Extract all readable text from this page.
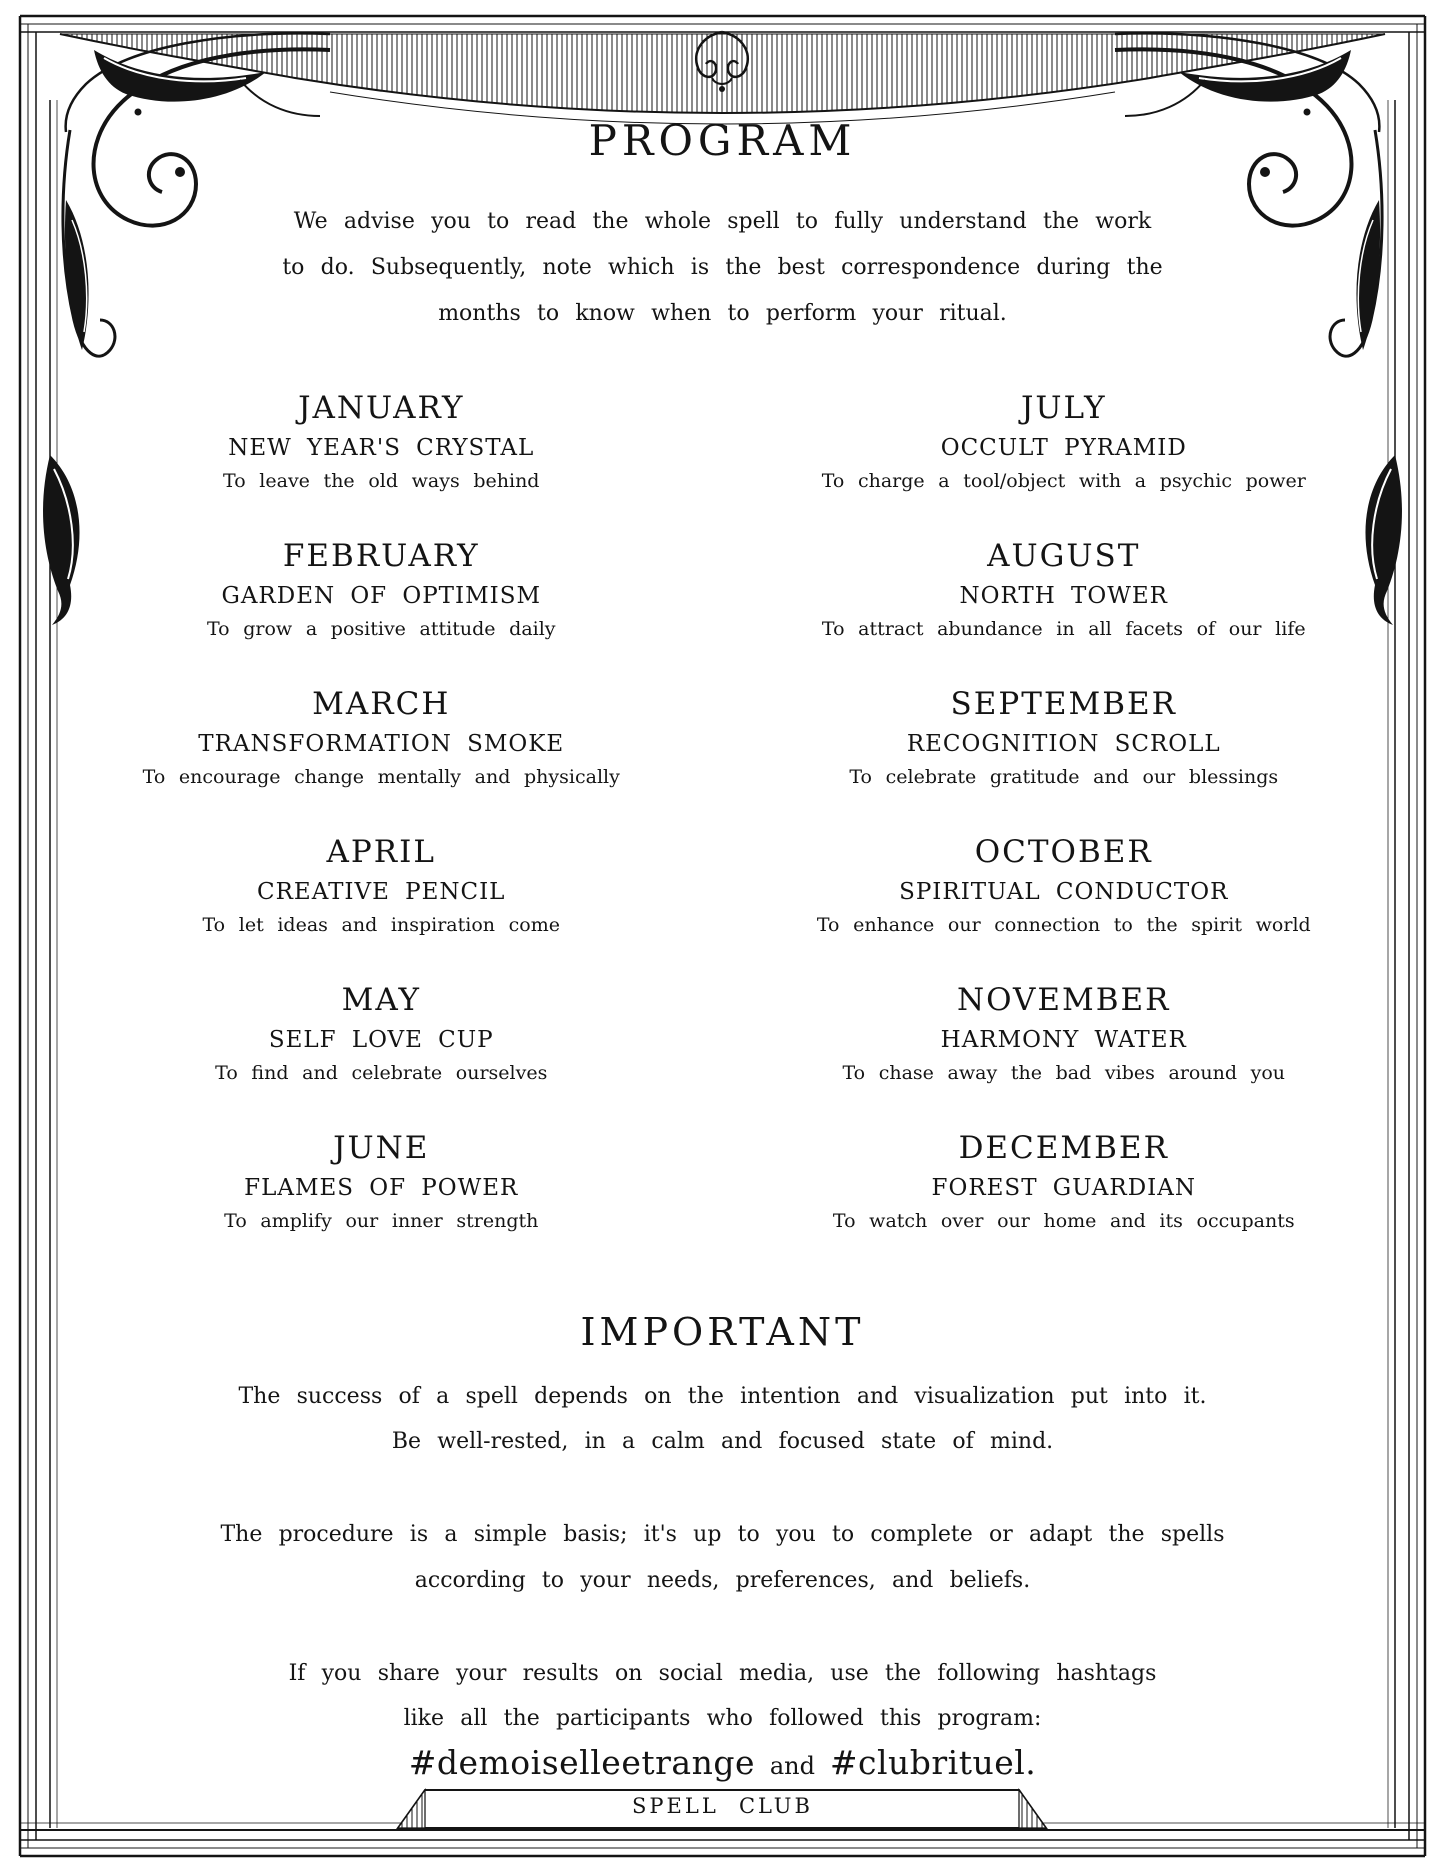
PROGRAM

We advise you to read the whole spell to fully understand the work
to do. Subsequently, note which is the best correspondence during the
months to know when to perform your ritual.

JANUARY
NEW YEAR'S CRYSTAL
To leave the old ways behind
JULY
OCCULT PYRAMID
To charge a tool/object with a psychic power
FEBRUARY
GARDEN OF OPTIMISM
To grow a positive attitude daily
AUGUST
NORTH TOWER
To attract abundance in all facets of our life
MARCH
TRANSFORMATION SMOKE
To encourage change mentally and physically
SEPTEMBER
RECOGNITION SCROLL
To celebrate gratitude and our blessings
APRIL
CREATIVE PENCIL
To let ideas and inspiration come
OCTOBER
SPIRITUAL CONDUCTOR
To enhance our connection to the spirit world
MAY
SELF LOVE CUP
To find and celebrate ourselves
NOVEMBER
HARMONY WATER
To chase away the bad vibes around you
JUNE
FLAMES OF POWER
To amplify our inner strength
DECEMBER
FOREST GUARDIAN
To watch over our home and its occupants
IMPORTANT

The success of a spell depends on the intention and visualization put into it.
Be well-rested, in a calm and focused state of mind.

The procedure is a simple basis; it's up to you to complete or adapt the spells
according to your needs, preferences, and beliefs.

If you share your results on social media, use the following hashtags
like all the participants who followed this program:

#demoiselleetrange and #clubrituel.

SPELL CLUB
